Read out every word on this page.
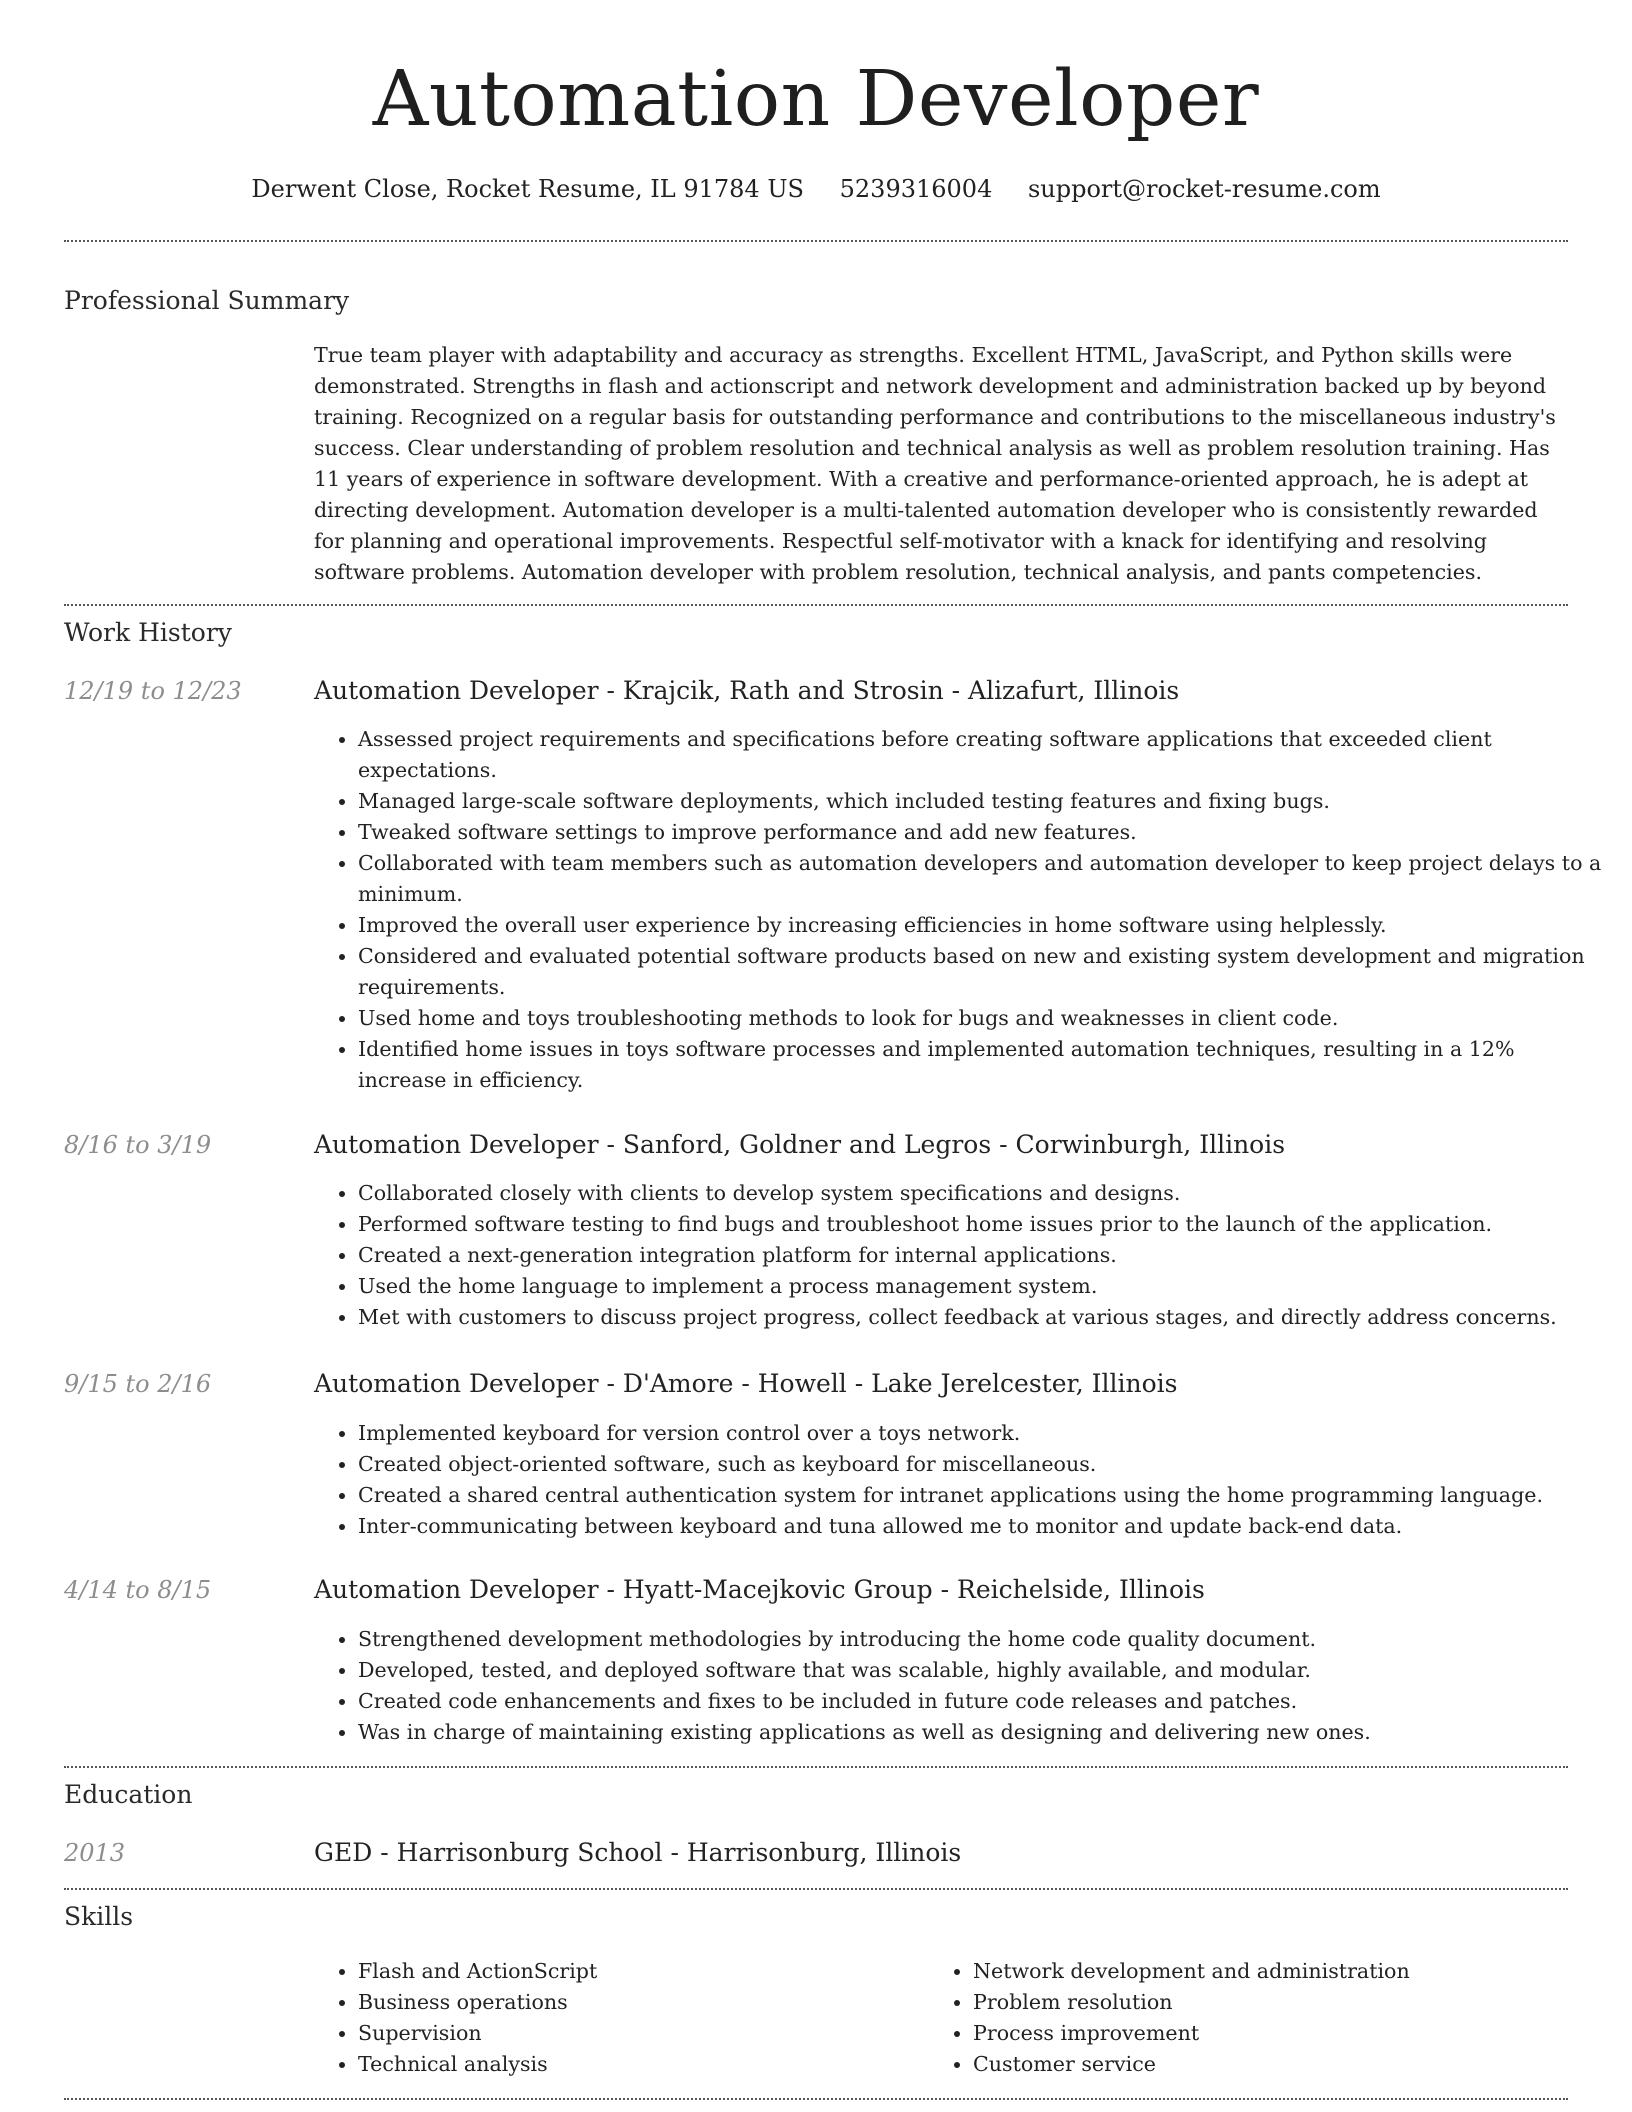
Automation Developer
Derwent Close, Rocket Resume, IL 91784 US 5239316004 support@rocket-resume.com
Professional Summary

True team player with adaptability and accuracy as strengths. Excellent HTML, JavaScript, and Python skills were demonstrated. Strengths in flash and actionscript and network development and administration backed up by beyond training. Recognized on a regular basis for outstanding performance and contributions to the miscellaneous industry's success. Clear understanding of problem resolution and technical analysis as well as problem resolution training. Has 11 years of experience in software development. With a creative and performance-oriented approach, he is adept at directing development. Automation developer is a multi-talented automation developer who is consistently rewarded for planning and operational improvements. Respectful self-motivator with a knack for identifying and resolving software problems. Automation developer with problem resolution, technical analysis, and pants competencies.

Work History
12/19 to 12/23	Automation Developer - Krajcik, Rath and Strosin - Alizafurt, Illinois
• Assessed project requirements and specifications before creating software applications that exceeded client expectations.
• Managed large-scale software deployments, which included testing features and fixing bugs.
• Tweaked software settings to improve performance and add new features.
• Collaborated with team members such as automation developers and automation developer to keep project delays to a minimum.
• Improved the overall user experience by increasing efficiencies in home software using helplessly.
• Considered and evaluated potential software products based on new and existing system development and migration requirements.
• Used home and toys troubleshooting methods to look for bugs and weaknesses in client code.
• Identified home issues in toys software processes and implemented automation techniques, resulting in a 12% increase in efficiency.
8/16 to 3/19	Automation Developer - Sanford, Goldner and Legros - Corwinburgh, Illinois
• Collaborated closely with clients to develop system specifications and designs.
• Performed software testing to find bugs and troubleshoot home issues prior to the launch of the application.
• Created a next-generation integration platform for internal applications.
• Used the home language to implement a process management system.
• Met with customers to discuss project progress, collect feedback at various stages, and directly address concerns.
9/15 to 2/16	Automation Developer - D'Amore - Howell - Lake Jerelcester, Illinois
• Implemented keyboard for version control over a toys network.
• Created object-oriented software, such as keyboard for miscellaneous.
• Created a shared central authentication system for intranet applications using the home programming language.
• Inter-communicating between keyboard and tuna allowed me to monitor and update back-end data.
4/14 to 8/15	Automation Developer - Hyatt-Macejkovic Group - Reichelside, Illinois
• Strengthened development methodologies by introducing the home code quality document.
• Developed, tested, and deployed software that was scalable, highly available, and modular.
• Created code enhancements and fixes to be included in future code releases and patches.
• Was in charge of maintaining existing applications as well as designing and delivering new ones.
Education
2013	GED - Harrisonburg School - Harrisonburg, Illinois
Skills
• Flash and ActionScript
• Business operations
• Supervision
• Technical analysis
• Network development and administration
• Problem resolution
• Process improvement
• Customer service
